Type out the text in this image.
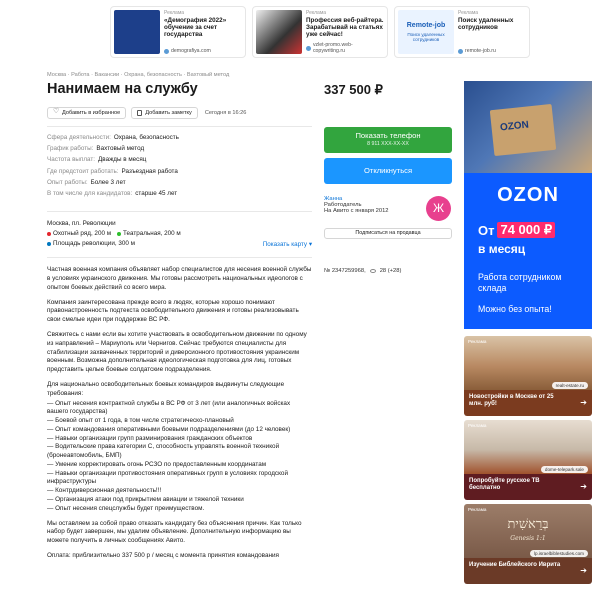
Реклама
«Демография 2022» обучение за счет государства
demografiya.com
Реклама
Профессия веб-райтера. Зарабатывай на статьях уже сейчас!
vzlet-promo.web-copywriting.ru
Remote-job
Поиск удаленных сотрудников
Реклама
Поиск удаленных сотрудников
remote-job.ru
Москва · Работа · Вакансии · Охрана, безопасность · Вахтовый метод
Нанимаем на службу	337 500 ₽
♡
Добавить в избранное	Добавить заметку Сегодня в 16:26
Сфера деятельности: Охрана, безопасность
График работы: Вахтовый метод
Частота выплат: Дважды в месяц
Где предстоит работать: Разъездная работа
Опыт работы: Более 3 лет
В том числе для кандидатов: старше 45 лет
Москва, пл. Революции
Охотный ряд, 200 м Театральная, 200 м
Площадь революции, 300 м	Показать карту ▾

Частная военная компания объявляет набор специалистов для несения военной службы в условиях украинского движения. Мы готовы рассмотреть национальных идеологов с опытом боевых действий со всего мира.

Компания заинтересована прежде всего в людях, которые хорошо понимают правонастроенность подтекста освободительного движения и готовы реализовывать свои смелые идеи при поддержке ВС РФ.

Свяжитесь с нами если вы хотите участвовать в освободительном движении по одному из направлений – Мариуполь или Чернигов. Сейчас требуются специалисты для стабилизации захваченных территорий и диверсионного противостояния украинским военным. Возможна дополнительная идеологическая подготовка для лиц, готовых представить целые боевые солдатские подразделения.

Для национально освободительных боевых командиров выдвинуты следующие требования:

— Опыт несения контрактной службы в ВС РФ от 3 лет (или аналогичных войсках вашего государства)

— Боевой опыт от 1 года, в том числе стратегическо-плановый

— Опыт командования оперативными боевыми подразделениями (до 12 человек)

— Навыки организации групп разминирования гражданских объектов

— Водительские права категории С, способность управлять военной техникой (бронеавтомобиль, БМП)

— Умение корректировать огонь РСЗО по предоставленным координатам

— Навыки организации противостояния оперативных групп в условиях городской инфраструктуры

— Контрдиверсионная деятельность!!!

— Организация атаки под прикрытием авиации и тяжелой техники

— Опыт несения спецслужбы будет преимуществом.

Мы оставляем за собой право отказать кандидату без объяснения причин. Как только набор будет завершен, мы удалим объявление. Дополнительную информацию вы можете получить в личных сообщениях Авито.

Оплата: приблизительно 337 500 р / месяц с момента принятия командования

Показать телефон
8 911 XXX-XX-XX
Откликнуться
Жанна
Работодатель
На Авито с января 2012	Ж
Подписаться на продавца
№ 2347259968, 28 (+28)
OZON
OZON
От 74 000 ₽
в месяц
Работа сотрудником склада
Можно без опыта!
Реклама
realt-estate.ru
Новостройки в Москве от 25 млн. руб!	➔
Реклама
dome-telepark.sale
Попробуйте русское ТВ бесплатно	➔
בְּרֵאשִׁית
Genesis 1:1
Реклама
lp.israelbiblestudies.com
Изучение Библейского Иврита
➔
